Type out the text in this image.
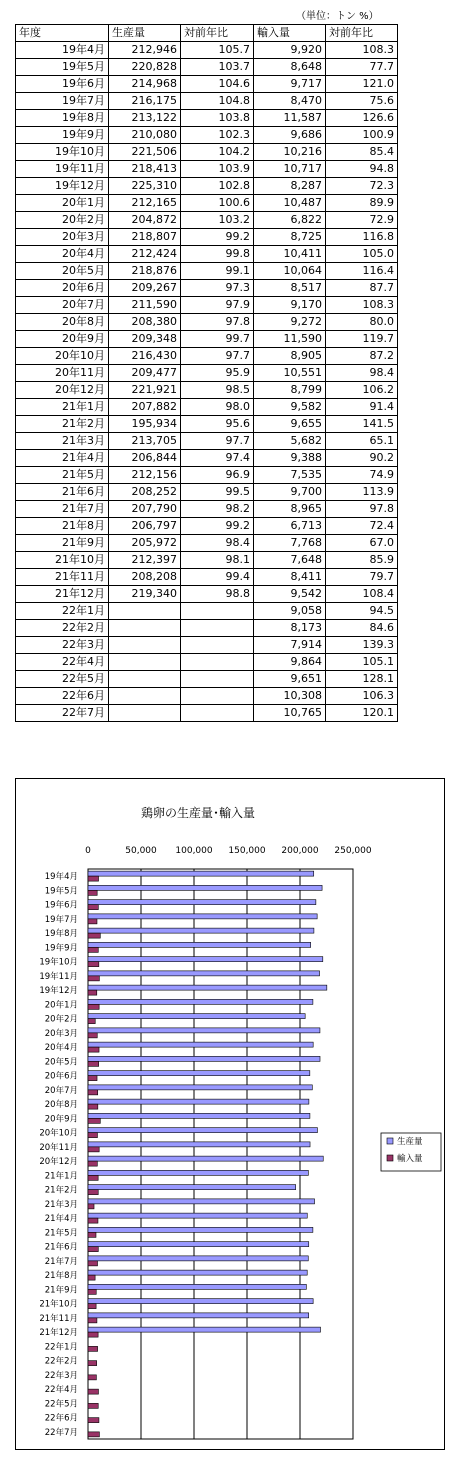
（単位：トン %）
年度	生産量	対前年比	輸入量	対前年比
19年4月	212,946	105.7	9,920	108.3
19年5月	220,828	103.7	8,648	77.7
19年6月	214,968	104.6	9,717	121.0
19年7月	216,175	104.8	8,470	75.6
19年8月	213,122	103.8	11,587	126.6
19年9月	210,080	102.3	9,686	100.9
19年10月	221,506	104.2	10,216	85.4
19年11月	218,413	103.9	10,717	94.8
19年12月	225,310	102.8	8,287	72.3
20年1月	212,165	100.6	10,487	89.9
20年2月	204,872	103.2	6,822	72.9
20年3月	218,807	99.2	8,725	116.8
20年4月	212,424	99.8	10,411	105.0
20年5月	218,876	99.1	10,064	116.4
20年6月	209,267	97.3	8,517	87.7
20年7月	211,590	97.9	9,170	108.3
20年8月	208,380	97.8	9,272	80.0
20年9月	209,348	99.7	11,590	119.7
20年10月	216,430	97.7	8,905	87.2
20年11月	209,477	95.9	10,551	98.4
20年12月	221,921	98.5	8,799	106.2
21年1月	207,882	98.0	9,582	91.4
21年2月	195,934	95.6	9,655	141.5
21年3月	213,705	97.7	5,682	65.1
21年4月	206,844	97.4	9,388	90.2
21年5月	212,156	96.9	7,535	74.9
21年6月	208,252	99.5	9,700	113.9
21年7月	207,790	98.2	8,965	97.8
21年8月	206,797	99.2	6,713	72.4
21年9月	205,972	98.4	7,768	67.0
21年10月	212,397	98.1	7,648	85.9
21年11月	208,208	99.4	8,411	79.7
21年12月	219,340	98.8	9,542	108.4
22年1月			9,058	94.5
22年2月			8,173	84.6
22年3月			7,914	139.3
22年4月			9,864	105.1
22年5月			9,651	128.1
22年6月			10,308	106.3
22年7月			10,765	120.1
鶏卵の生産量･輸入量
0	50,000 100,000 150,000 200,000 250,000
19年4月
19年5月
19年6月
19年7月
19年8月
19年9月
19年10月
19年11月
19年12月
20年1月
20年2月
20年3月
20年4月
20年5月
20年6月
20年7月
20年8月
20年9月
20年10月
20年11月
20年12月
21年1月
21年2月
21年3月
21年4月
21年5月
21年6月
21年7月
21年8月
21年9月
21年10月
21年11月
21年12月
22年1月
22年2月
22年3月
22年4月
22年5月
22年6月
22年7月
生産量
輸入量
